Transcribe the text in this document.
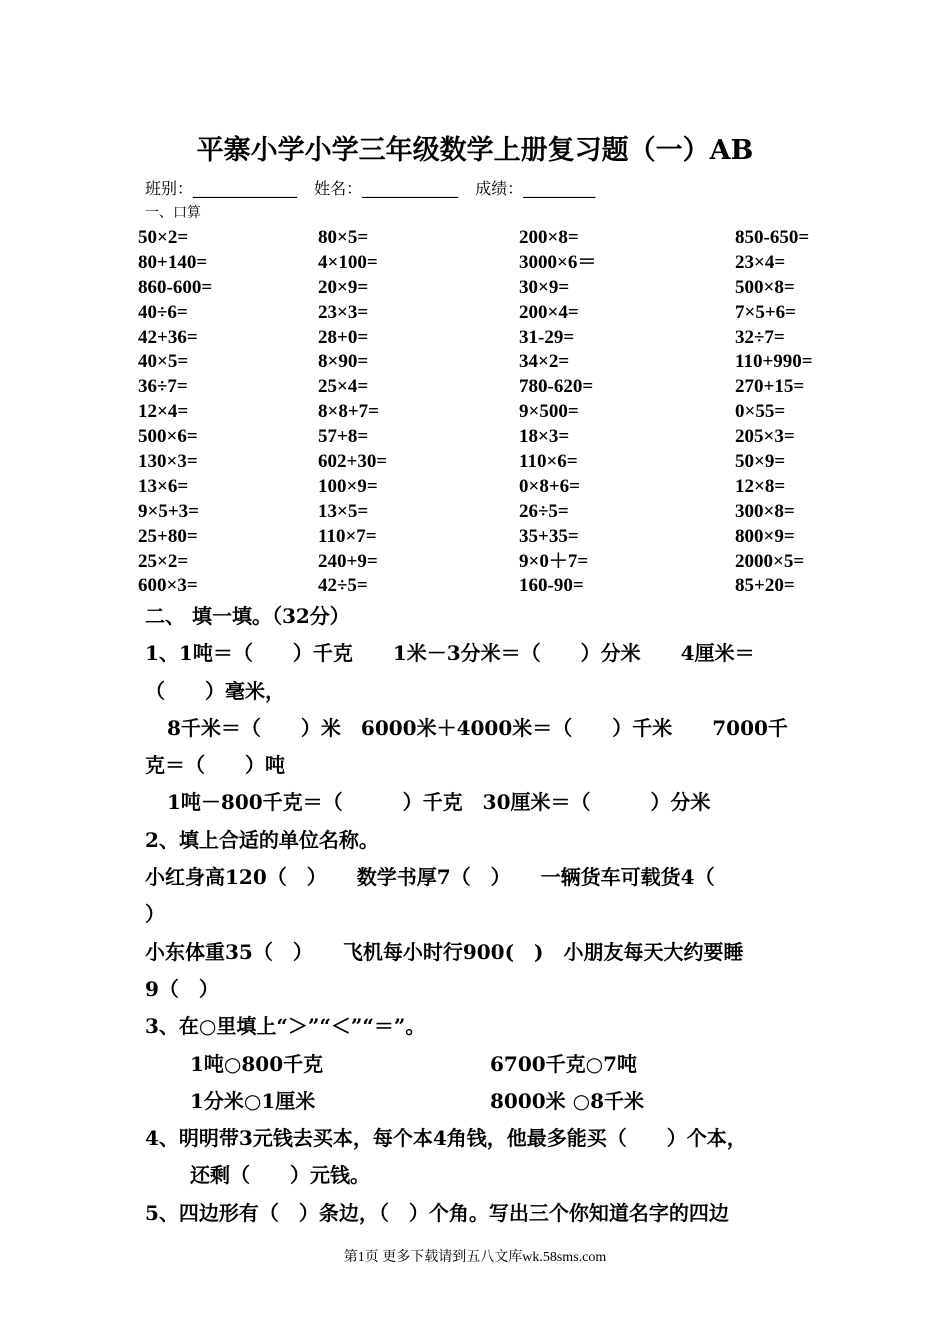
平寨小学小学三年级数学上册复习题（一）AB
班别：_____________ 姓名：____________ 成绩：_________
一、口算
50×2=	80×5=	200×8=	850-650=
80+140=	4×100=	3000×6＝	23×4=
860-600=	20×9=	30×9=	500×8=
40÷6=	23×3=	200×4=	7×5+6=
42+36=	28+0=	31-29=	32÷7=
40×5=	8×90=	34×2=	110+990=
36÷7=	25×4=	780-620=	270+15=
12×4=	8×8+7=	9×500=	0×55=
500×6=	57+8=	18×3=	205×3=
130×3=	602+30=	110×6=	50×9=
13×6=	100×9=	0×8+6=	12×8=
9×5+3=	13×5=	26÷5=	300×8=
25+80=	110×7=	35+35=	800×9=
25×2=	240+9=	9×0＋7=	2000×5=
600×3=	42÷5=	160-90=	85+20=

二、 填一填。（32分）

1、1吨＝（　　）千克　　1米－3分米＝（　　）分米　　4厘米＝

（　　）毫米，

8千米＝（　　）米　6000米＋4000米＝（　　）千米　　7000千

克＝（　　）吨

1吨－800千克＝（　　　）千克　30厘米＝（　　　）分米

2、填上合适的单位名称。

小红身高120（　）　　数学书厚7（　）　　一辆货车可载货4（

）

小东体重35（　）　　飞机每小时行900(　)　小朋友每天大约要睡

9（　）

3、在○里填上“＞”“＜”“＝”。

1吨○800千克	6700千克○7吨

1分米○1厘米	8000米 ○8千米

4、明明带3元钱去买本，每个本4角钱，他最多能买（　　）个本，

还剩（　　）元钱。

5、四边形有（　）条边，（　）个角。写出三个你知道名字的四边

第1页 更多下载请到五八文库wk.58sms.com
